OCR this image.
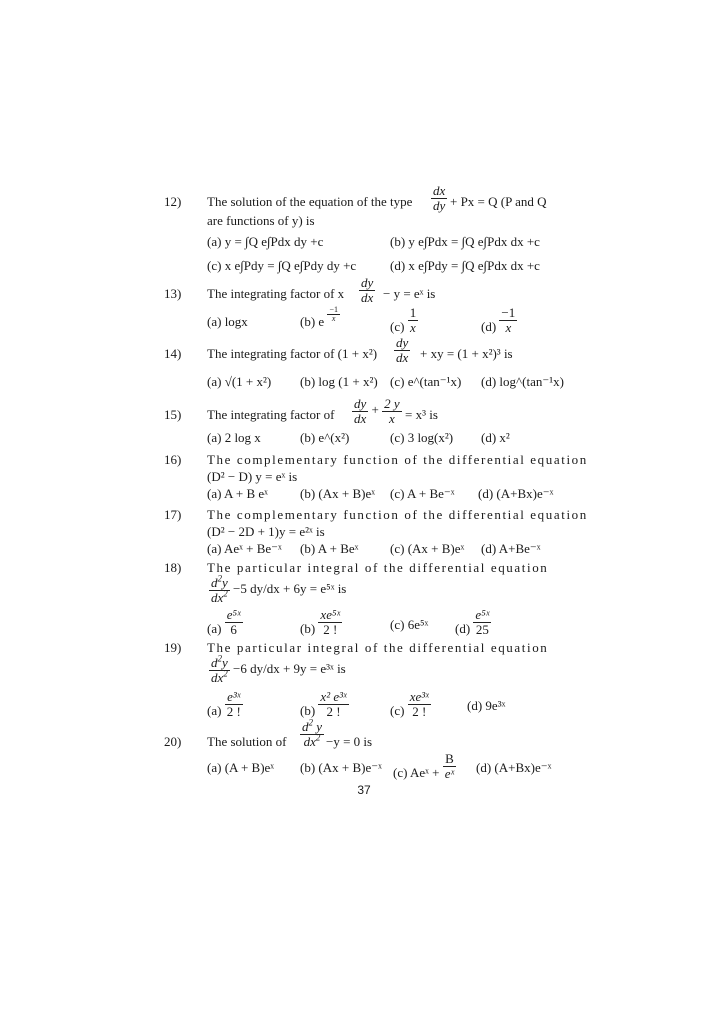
12) The solution of the equation of the type $\frac{dx}{dy} + Px = Q$ (P and Q
are functions of y) is
(a) y = ∫Q e∫Pdx dy +c	(b) y e∫Pdx = ∫Q e∫Pdx dx +c
(c) x e∫Pdy = ∫Q e∫Pdy dy +c	(d) x e∫Pdy = ∫Q e∫Pdx dx +c
13) The integrating factor of x $\frac{dy}{dx} - y$ = eˣ is
(a) logx	(b) e $\frac{-1}{x}$
$(c) \frac{1}{x}$	$(d) \frac{-1}{x}$
14) The integrating factor of $(1 + x^2) \frac{dy}{dx}$ + xy = (1 + x²)³ is
(a) √(1 + x²) (b) log (1 + x²) (c) e^(tan⁻¹x) (d) log^(tan⁻¹x)
15) The integrating factor of $\frac{dy}{dx} + \frac{2 y}{x} = x^3$ is
(a) 2 log x	(b) e^(x²)	(c) 3 log(x²) (d) x²
16) The complementary function of the differential equation
(D² − D) y = eˣ is
(a) A + B eˣ (b) (Ax + B)eˣ (c) A + Be⁻ˣ (d) (A+Bx)e⁻ˣ
17) The complementary function of the differential equation
(D² − 2D + 1)y = e²ˣ is
(a) Aeˣ + Be⁻ˣ (b) A + Beˣ (c) (Ax + B)eˣ (d) A+Be⁻ˣ
18) The particular integral of the differential equation
$\frac{d^2y}{dx^2} -5$ dy/dx + 6y = e⁵ˣ is
$(a) \frac{\text{e⁵ˣ}}{6}$	$(b) \frac{\text{xe⁵ˣ}}{2 !}$	(c) 6e⁵ˣ $(d) \frac{\text{e⁵ˣ}}{25}$
19) The particular integral of the differential equation
$\frac{d^2y}{dx^2} -6$ dy/dx + 9y = e³ˣ is
$(a) \frac{\text{e³ˣ}}{2 !}$	$(b) \frac{\text{x² e³ˣ}}{2 !}$	$(c) \frac{\text{xe³ˣ}}{2 !}$	(d) 9e³ˣ
20) The solution of $\frac{d^2 y}{dx^2} -y = 0$ is
(a) (A + B)eˣ (b) (Ax + B)e⁻ˣ (c) Aeˣ + $\frac{B}{\text{eˣ}} (d)$ (A+Bx)e⁻ˣ
37
